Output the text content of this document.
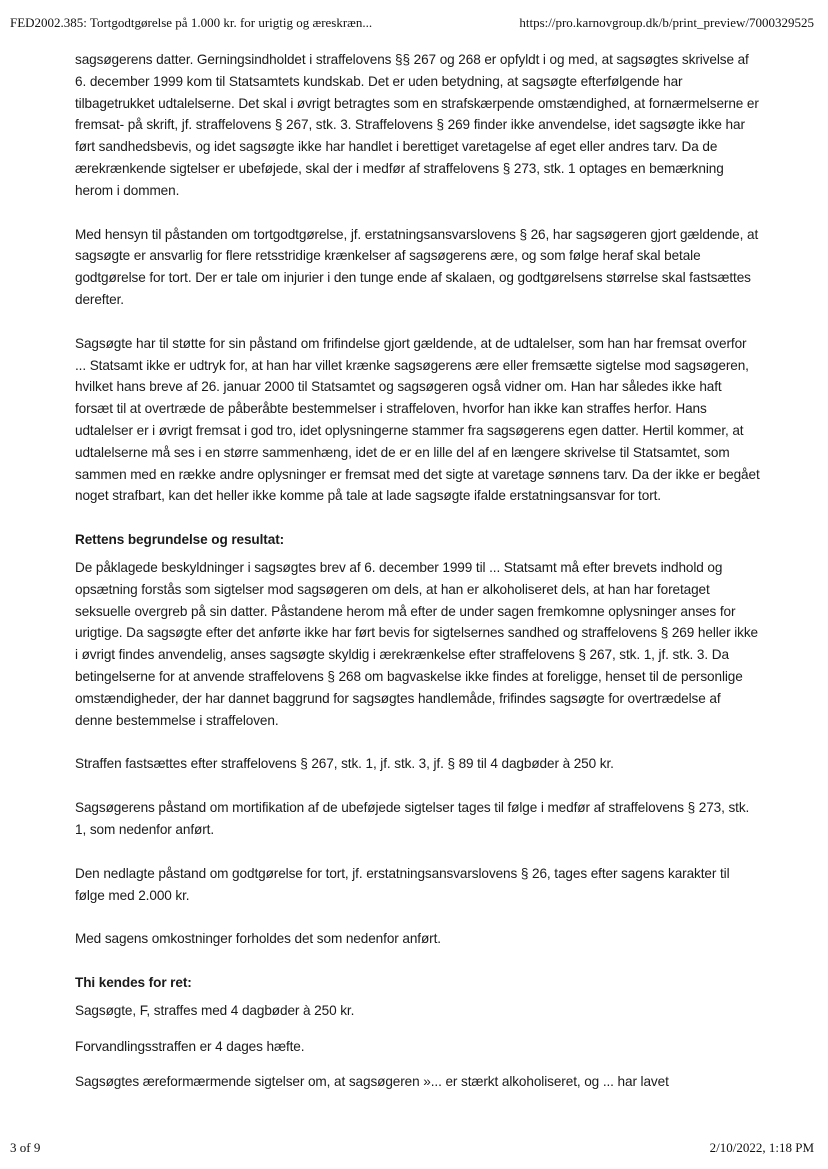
FED2002.385: Tortgodtgørelse på 1.000 kr. for urigtig og æreskræn...	https://pro.karnovgroup.dk/b/print_preview/7000329525

sagsøgerens datter. Gerningsindholdet i straffelovens §§ 267 og 268 er opfyldt i og med, at sagsøgtes skrivelse af 6. december 1999 kom til Statsamtets kundskab. Det er uden betydning, at sagsøgte efterfølgende har tilbagetrukket udtalelserne. Det skal i øvrigt betragtes som en strafskærpende omstændighed, at fornærmelserne er fremsat- på skrift, jf. straffelovens § 267, stk. 3. Straffelovens § 269 finder ikke anvendelse, idet sagsøgte ikke har ført sandhedsbevis, og idet sagsøgte ikke har handlet i berettiget varetagelse af eget eller andres tarv. Da de ærekrænkende sigtelser er ubeføjede, skal der i medfør af straffelovens § 273, stk. 1 optages en bemærkning herom i dommen.

Med hensyn til påstanden om tortgodtgørelse, jf. erstatningsansvarslovens § 26, har sagsøgeren gjort gældende, at sagsøgte er ansvarlig for flere retsstridige krænkelser af sagsøgerens ære, og som følge heraf skal betale godtgørelse for tort. Der er tale om injurier i den tunge ende af skalaen, og godtgørelsens størrelse skal fastsættes derefter.

Sagsøgte har til støtte for sin påstand om frifindelse gjort gældende, at de udtalelser, som han har fremsat overfor ... Statsamt ikke er udtryk for, at han har villet krænke sagsøgerens ære eller fremsætte sigtelse mod sagsøgeren, hvilket hans breve af 26. januar 2000 til Statsamtet og sagsøgeren også vidner om. Han har således ikke haft forsæt til at overtræde de påberåbte bestemmelser i straffeloven, hvorfor han ikke kan straffes herfor. Hans udtalelser er i øvrigt fremsat i god tro, idet oplysningerne stammer fra sagsøgerens egen datter. Hertil kommer, at udtalelserne må ses i en større sammenhæng, idet de er en lille del af en længere skrivelse til Statsamtet, som sammen med en række andre oplysninger er fremsat med det sigte at varetage sønnens tarv. Da der ikke er begået noget strafbart, kan det heller ikke komme på tale at lade sagsøgte ifalde erstatningsansvar for tort.

Rettens begrundelse og resultat:

De påklagede beskyldninger i sagsøgtes brev af 6. december 1999 til ... Statsamt må efter brevets indhold og opsætning forstås som sigtelser mod sagsøgeren om dels, at han er alkoholiseret dels, at han har foretaget seksuelle overgreb på sin datter. Påstandene herom må efter de under sagen fremkomne oplysninger anses for urigtige. Da sagsøgte efter det anførte ikke har ført bevis for sigtelsernes sandhed og straffelovens § 269 heller ikke i øvrigt findes anvendelig, anses sagsøgte skyldig i ærekrænkelse efter straffelovens § 267, stk. 1, jf. stk. 3. Da betingelserne for at anvende straffelovens § 268 om bagvaskelse ikke findes at foreligge, henset til de personlige omstændigheder, der har dannet baggrund for sagsøgtes handlemåde, frifindes sagsøgte for overtrædelse af denne bestemmelse i straffeloven.

Straffen fastsættes efter straffelovens § 267, stk. 1, jf. stk. 3, jf. § 89 til 4 dagbøder à 250 kr.

Sagsøgerens påstand om mortifikation af de ubeføjede sigtelser tages til følge i medfør af straffelovens § 273, stk. 1, som nedenfor anført.

Den nedlagte påstand om godtgørelse for tort, jf. erstatningsansvarslovens § 26, tages efter sagens karakter til følge med 2.000 kr.

Med sagens omkostninger forholdes det som nedenfor anført.

Thi kendes for ret:

Sagsøgte, F, straffes med 4 dagbøder à 250 kr.

Forvandlingsstraffen er 4 dages hæfte.

Sagsøgtes æreformærmende sigtelser om, at sagsøgeren »... er stærkt alkoholiseret, og ... har lavet

3 of 9	2/10/2022, 1:18 PM
